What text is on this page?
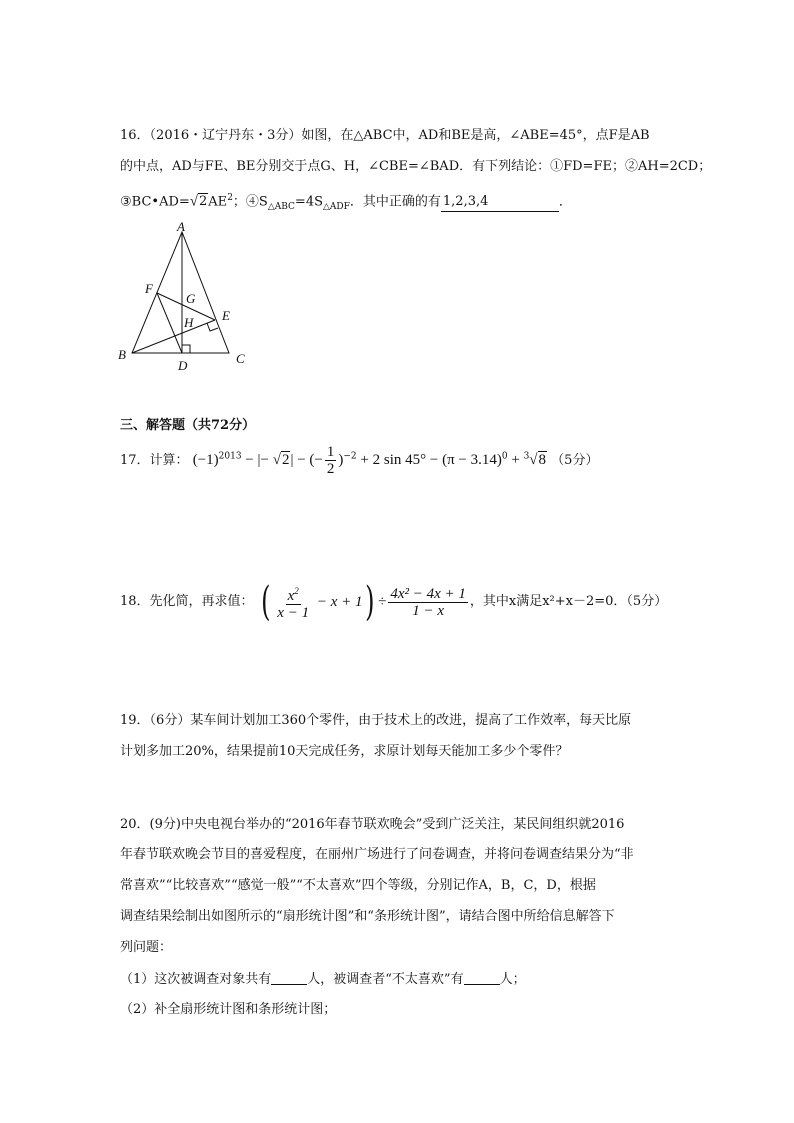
16．（2016・辽宁丹东・3分）如图，在△ABC中，AD和BE是高，∠ABE=45°，点F是AB
的中点，AD与FE、BE分别交于点G、H，∠CBE=∠BAD．有下列结论：①FD=FE；②AH=2CD；
$③BC•AD=√2AE^2$；$④S_{\triangle ABC}=4S_{\triangle ADF}$．其中正确的有 1,2,3,4	．
A
F
G
H E
B
D	C
三、解答题（共72分）
17．计算： $(-1)^{2013}$ − |− √2| − (− $\frac{1}{2} )^{-2} + 2$ $\sin 45^\circ - (\pi - 3.14)^0 + ^3√8$ （5分）
18．先化简，再求值： ( $\frac{x^2}{x - 1} - x + 1) \div \frac{\text{4x² − 4x + 1}}{1 - x}$ ，其中x满足x²+x－2=0．（5分）
19．（6分）某车间计划加工360个零件，由于技术上的改进，提高了工作效率，每天比原
计划多加工20%，结果提前10天完成任务，求原计划每天能加工多少个零件？
20．(9分)中央电视台举办的“2016年春节联欢晚会”受到广泛关注，某民间组织就2016
年春节联欢晚会节目的喜爱程度，在丽州广场进行了问卷调查，并将问卷调查结果分为“非
常喜欢”“比较喜欢”“感觉一般”“不太喜欢”四个等级，分别记作A，B，C，D，根据
调查结果绘制出如图所示的“扇形统计图”和“条形统计图”，请结合图中所给信息解答下
列问题：
（1）这次被调查对象共有	人，被调查者“不太喜欢”有	人；
（2）补全扇形统计图和条形统计图；
